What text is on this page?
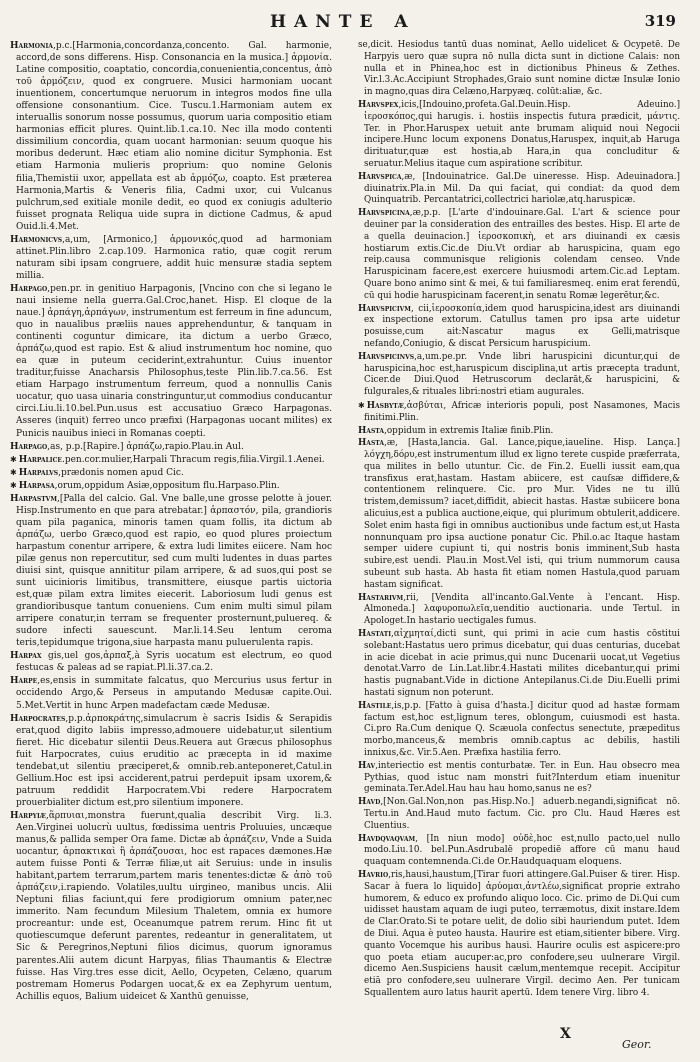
HANTE A	319

Harmonia,p.c.[Harmonia,concordanza,concento. Gal. harmonie, accord,de sons differens. Hisp. Consonancia en la musica.] ἁρμονία. Latine compositio, coaptatio, concordia,conuenientia,concentus, ἀπὸ τοῦ ἁρμόζειν, quod ex congruere. Musici harmoniam uocant inuentionem, concertumque neruorum in integros modos fine ulla offensione consonantium. Cice. Tuscu.1.Harmoniam autem ex interuallis sonorum nosse possumus, quorum uaria compositio etiam harmonias efficit plures. Quint.lib.1.ca.10. Nec illa modo contenti dissimilium concordia, quam uocant harmonian: seuum quoque his moribus dederunt. Hæc etiam alio nomine dicitur Symphonia. Est etiam Harmonia mulieris proprium: quo nomine Gelonis filia,Themistii uxor, appellata est ab ἁρμόζω, coapto. Est præterea Harmonia,Martis & Veneris filia, Cadmi uxor, cui Vulcanus pulchrum,sed exitiale monile dedit, eo quod ex coniugis adulterio fuisset prognata Reliqua uide supra in dictione Cadmus, & apud Ouid.li.4.Met.

Harmonicvs,a,um, [Armonico,] ἁρμονικός,quod ad harmoniam attinet.Plin.libro 2.cap.109. Harmonica ratio, quæ cogit rerum naturam sibi ipsam congruere, addit huic mensuræ stadia septem millia.

Harpago,pen.pr. in genitiuo Harpagonis, [Vncino con che si legano le naui insieme nella guerra.Gal.Croc,hanet. Hisp. El cloque de la naue.] ἁρπάγη,ἁρπάγων, instrumentum est ferreum in fine aduncum, quo in naualibus præliis naues apprehenduntur, & tanquam in continenti coguntur dimicare, ita dictum a uerbo Græco, ἁρπάζω,quod est rapio. Est & aliud instrumentum hoc nomine, quo ea quæ in puteum ceciderint,extrahuntur. Cuius inuentor traditur,fuisse Anacharsis Philosophus,teste Plin.lib.7.ca.56. Est etiam Harpago instrumentum ferreum, quod a nonnullis Canis uocatur, quo uasa uinaria constringuntur,ut commodius conducantur circi.Liu.li.10.bel.Pun.usus est accusatiuo Græco Harpagonas. Asseres (inquit) ferreo unco præfixi (Harpagonas uocant milites) ex Punicis nauibus inieci in Romanas coepti.

Harpago,as, p.p.[Rapire.] ἁρπάζω,rapio.Plau.in Aul.

✱ Harpalice.pen.cor.mulier,Harpali Thracum regis,filia.Virgil.1.Aenei.

✱ Harpalvs,prædonis nomen apud Cic.

✱ Harpasa,orum,oppidum Asiæ,oppositum flu.Harpaso.Plin.

Harpastvm,[Palla del calcio. Gal. Vne balle,une grosse pelotte à jouer. Hisp.Instrumento en que para atrebatar.] ἁρπαστόν, pila, grandioris quam pila paganica, minoris tamen quam follis, ita dictum ab ἁρπάζω, uerbo Græco,quod est rapio, eo quod plures proiectum harpastum conentur arripere, & extra ludi limites eiicere. Nam hoc pilæ genus non repercutitur, sed cum multi ludentes in duas partes diuisi sint, quisque annititur pilam arripere, & ad suos,qui post se sunt uicinioris limitibus, transmittere, eiusque partis uictoria est,quæ pilam extra limites eiecerit. Laboriosum ludi genus est grandioribusque tantum conueniens. Cum enim multi simul pilam arripere conatur,in terram se frequenter prosternunt,puluereq. & sudore infecti sauescunt. Mar.li.14.Seu lentum ceroma teris,tepidumque trigona,siue harpasta manu puluerulenta rapis.

Harpax gis,uel gos,ἁρπαξ,à Syris uocatum est electrum, eo quod festucas & paleas ad se rapiat.Pl.li.37.ca.2.

Harpe,es,ensis in summitate falcatus, quo Mercurius usus fertur in occidendo Argo,& Perseus in amputando Medusæ capite.Oui. 5.Met.Vertit in hunc Arpen madefactam cæde Medusæ.

Harpocrates,p.p.ἁρποκράτης,simulacrum è sacris Isidis & Serapidis erat,quod digito labiis impresso,admouere uidebatur,ut silentium fieret. Hic dicebatur silentii Deus.Reuera aut Græcus philosophus fuit Harpocrates, cuius eruditio ac præcepta in id maxime tendebat,ut silentiu præciperet,& omnib.reb.anteponeret,Catul.in Gellium.Hoc est ipsi acciderent,patrui perdepuit ipsam uxorem,& patruum reddidit Harpocratem.Vbi redere Harpocratem prouerbialiter dictum est,pro silentium imponere.

Harpyiæ,ἅρπυιαι,monstra fuerunt,qualia describit Virg. li.3. Aen.Virginei uolucrù uultus, fœdissima uentris Proluuies, uncæque manus,& pallida semper Ora fame. Dictæ ab ἁρπάζειν, Vnde a Suida uocantur, ἁρπακτικαὶ ἢ ἁρπάζουσαι, hoc est rapaces dæmones.Hæ autem fuisse Ponti & Terræ filiæ,ut ait Seruius: unde in insulis habitant,partem terrarum,partem maris tenentes:dictæ & ἀπὸ τοῦ ἁρπάζειν,i.rapiendo. Volatiles,uultu uirgineo, manibus uncis. Alii Neptuni filias faciunt,qui fere prodigiorum omnium pater,nec immerito. Nam fecundum Milesium Thaletem, omnia ex humore procreantur: unde est, Oceanumque patrem rerum. Hinc fit ut quotiescumque deferunt parentes, redeantur in generalitatem, ut Sic & Peregrinos,Neptuni filios dicimus, quorum ignoramus parentes.Alii autem dicunt Harpyas, filias Thaumantis & Electræ fuisse. Has Virg.tres esse dicit, Aello, Ocypeten, Celæno, quarum postremam Homerus Podargen uocat,& ex ea Zephyrum uentum, Achillis equos, Balium uideicet & Xanthū genuisse,

se,dicit. Hesiodus tantū duas nominat, Aello uidelicet & Ocypetē. De Harpyis uero quæ supra nō nulla dicta sunt in dictione Calais: non nulla et in Phinea,hoc est in dictionibus Phineus & Zethes. Vir.l.3.Ac.Accipiunt Strophades,Graio sunt nomine dictæ Insulæ Ionio in magno,quas dira Celæno,Harpyæq. colūt:aliæ, &c.

Harvspex,icis,[Indouino,profeta.Gal.Deuin.Hisp. Adeuino.] ἱεροσκόπος,qui harugis. i. hostiis inspectis futura prædicit, μάντις. Ter. in Phor.Haruspex uetuit ante brumam aliquid noui Negocii incipere.Hunc locum exponens Donatus,Haruspex, inquit,ab Haruga dirituatur,quæ est hostia,ab Hara,in qua concluditur & seruatur.Melius itaque cum aspiratione scribitur.

Harvspica,æ, [Indouinatrice. Gal.De uineresse. Hisp. Adeuinadora.] diuinatrix.Pla.in Mil. Da qui faciat, qui condiat: da quod dem Quinquatrib. Percantatrici,collectrici hariolæ,atq.haruspicæ.

Harvspicina,æ,p.p. [L'arte d'indouinare.Gal. L'art & science pour deuiner par la consideration des entrailles des bestes. Hisp. El arte de a quella deuinacion.] ἱεροσκοπικὴ, et ars diuinandi ex cæsis hostiarum extis.Cic.de Diu.Vt ordiar ab haruspicina, quam ego reip.causa communisque religionis colendam censeo. Vnde Haruspicinam facere,est exercere huiusmodi artem.Cic.ad Leptam. Quare bono animo sint & mei, & tui familiaresmeq. enim erat ferendū, cū qui hodie haruspicinam facerent,in senatu Romæ legerētur,&c.

Harvspicivm, cii,ἱεροσκοπία,idem quod haruspicina,idest ars diuinandi ex inspectione extorum. Catullus tamen pro ipsa arte uidetur posuisse,cum ait:Nascatur magus ex Gelli,matrisque nefando,Coniugio, & discat Persicum haruspicium.

Harvspicinvs,a,um.pe.pr. Vnde libri haruspicini dicuntur,qui de haruspicina,hoc est,haruspicum disciplina,ut artis præcepta tradunt, Cicer.de Diui.Quod Hetruscorum declarāt,& haruspicini, & fulgurales,& rituales libri:nostri etiam augurales.

✱ Hasbytæ,ἀσβύται, Africæ interioris populi, post Nasamones, Macis finitimi.Plin.

Hasta,oppidum in extremis Italiæ finib.Plin.

Hasta,æ, [Hasta,lancia. Gal. Lance,pique,iaueline. Hisp. Lança.] λόγχη,δόρυ,est instrumentum illud ex ligno terete cuspide præferrata, qua milites in bello utuntur. Cic. de Fin.2. Euelli iussit eam,qua transfixus erat,hastam. Hastam abiicere, est cauſsæ diffidere,& contentionem relinquere. Cic. pro Mur. Vides ne tu illū tristem,demissum? iacet,diffidit, abiecit hastas. Hastæ subiicere bona alicuius,est a publica auctione,eique, qui plurimum obtulerit,addicere. Solet enim hasta figi in omnibus auctionibus unde factum est,ut Hasta nonnunquam pro ipsa auctione ponatur Cic. Phil.o.ac Itaque hastam semper uidere cupiunt ti, qui nostris bonis imminent,Sub hasta subire,est uendi. Plau.in Most.Vel isti, qui trium nummorum causa subeunt sub hasta. Ab hasta fit etiam nomen Hastula,quod paruam hastam significat.

Hastarivm,rii, [Vendita all'incanto.Gal.Vente à l'encant. Hisp. Almoneda.] λαφυροπωλεῖα,uenditio auctionaria. unde Tertul. in Apologet.In hastario uectigales fumus.

Hastati,αἰχμηταί,dicti sunt, qui primi in acie cum hastis cōstitui solebant:Hastatus uero primus dicebatur, qui duas centurias, ducebat in acie dicebat in acie primus,qui nunc Ducenarii uocat,ut Vegetius denotat.Varro de Lin.Lat.libr.4.Hastati milites dicebantur,qui primi hastis pugnabant.Vide in dictione Antepilanus.Ci.de Diu.Euelli primi hastati signum non poterunt.

Hastile,is,p.p. [Fatto à guisa d'hasta.] dicitur quod ad hastæ formam factum est,hoc est,lignum teres, oblongum, cuiusmodi est hasta. Ci.pro Ra.Cum denique Q. Scæuola confectus senectute, præpeditus morbo,manceus,& membris omnib.captus ac debilis, hastili innixus,&c. Vir.5.Aen. Præfixa hastilia ferro.

Hav,interiectio est mentis conturbatæ. Ter. in Eun. Hau obsecro mea Pythias, quod istuc nam monstri fuit?Interdum etiam inuenitur geminata.Ter.Adel.Hau hau hau homo,sanus ne es?

Havd,[Non.Gal.Non,non pas.Hisp.No.] aduerb.negandi,significat nō. Tertu.in And.Haud muto factum. Cic. pro Clu. Haud Hæres est Cluentius.

Havdqvaqvam, [In niun modo] οὐδὲ,hoc est,nullo pacto,uel nullo modo.Liu.10. bel.Pun.Asdrubalē propediē affore cū manu haud quaquam contemnenda.Ci.de Or.Haudquaquam eloquens.

Havrio,ris,hausi,haustum,[Tirar fuori attingere.Gal.Puiser & tirer. Hisp. Sacar à fuera lo liquido] ἀρύομαι,ἀντλέω,significat proprie extraho humorem, & educo ex profundo aliquo loco. Cic. primo de Di.Qui cum uidisset haustam aquam de iugi puteo, terræmotus, dixit instare.Idem de Clar.Orato.Si te potare uelit, de dolio sibi hauriendum putet. Idem de Diui. Aqua è puteo hausta. Haurire est etiam,sitienter bibere. Virg. quanto Vocemque his auribus hausi. Haurire oculis est aspicere:pro quo poeta etiam aucuper:ac,pro confodere,seu uulnerare Virgil. dicemo Aen.Suspiciens hausit cælum,mentemque recepit. Accipitur etiā pro confodere,seu uulnerare Virgil. decimo Aen. Per tunicam Squallentem auro latus haurit apertū. Idem tenere Virg. libro 4.

X
Geor.
